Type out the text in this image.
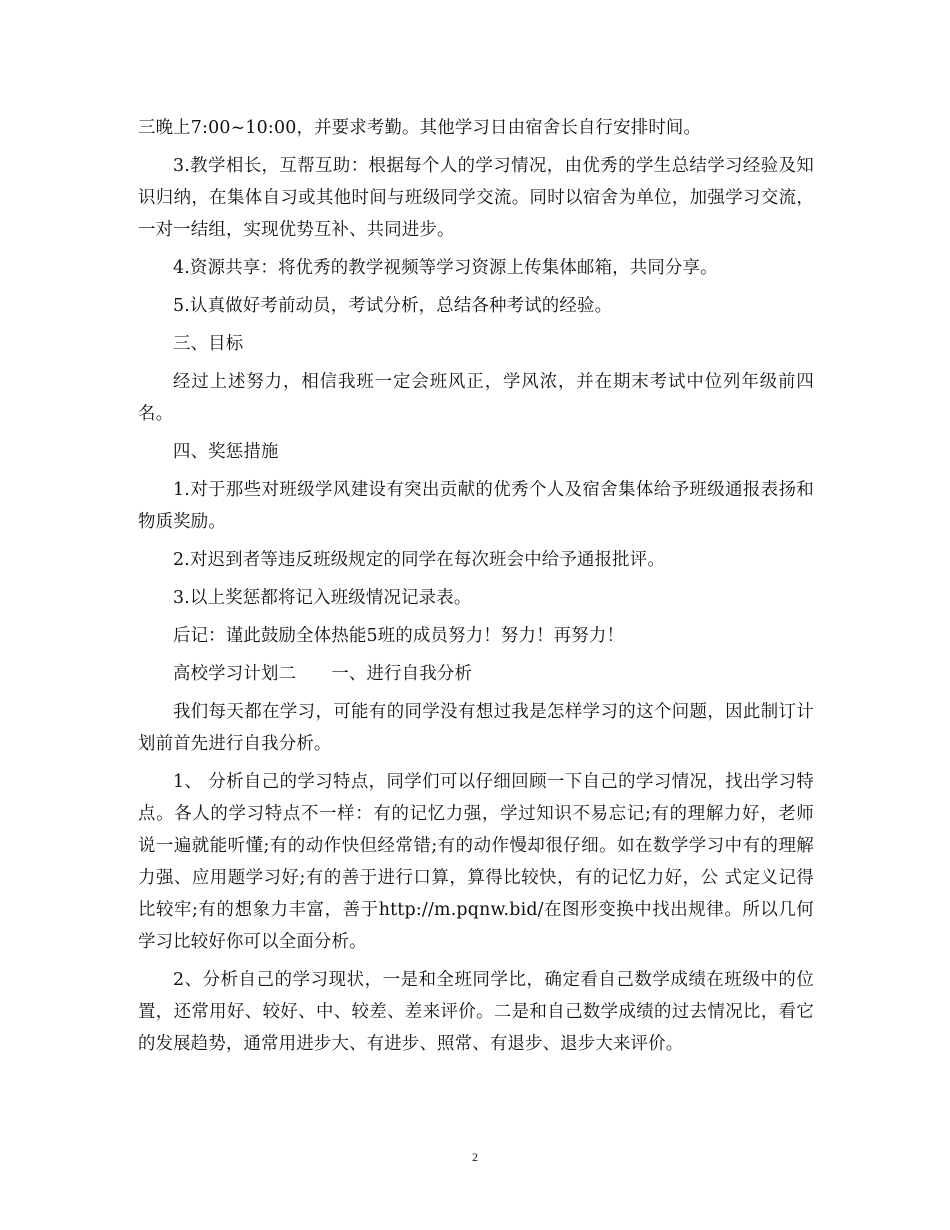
三晚上7:00~10:00，并要求考勤。其他学习日由宿舍长自行安排时间。

3.教学相长，互帮互助：根据每个人的学习情况，由优秀的学生总结学习经验及知识归纳，在集体自习或其他时间与班级同学交流。同时以宿舍为单位，加强学习交流，一对一结组，实现优势互补、共同进步。

4.资源共享：将优秀的教学视频等学习资源上传集体邮箱，共同分享。

5.认真做好考前动员，考试分析，总结各种考试的经验。

三、目标

经过上述努力，相信我班一定会班风正，学风浓，并在期末考试中位列年级前四名。

四、奖惩措施

1.对于那些对班级学风建设有突出贡献的优秀个人及宿舍集体给予班级通报表扬和物质奖励。

2.对迟到者等违反班级规定的同学在每次班会中给予通报批评。

3.以上奖惩都将记入班级情况记录表。

后记：谨此鼓励全体热能5班的成员努力！努力！再努力！

高校学习计划二　　一、进行自我分析

我们每天都在学习，可能有的同学没有想过我是怎样学习的这个问题，因此制订计划前首先进行自我分析。

1、 分析自己的学习特点，同学们可以仔细回顾一下自己的学习情况，找出学习特点。各人的学习特点不一样：有的记忆力强，学过知识不易忘记;有的理解力好，老师 说一遍就能听懂;有的动作快但经常错;有的动作慢却很仔细。如在数学学习中有的理解力强、应用题学习好;有的善于进行口算，算得比较快，有的记忆力好，公 式定义记得比较牢;有的想象力丰富，善于http://m.pqnw.bid/在图形变换中找出规律。所以几何学习比较好你可以全面分析。

2、分析自己的学习现状，一是和全班同学比，确定看自己数学成绩在班级中的位置，还常用好、较好、中、较差、差来评价。二是和自己数学成绩的过去情况比，看它的发展趋势，通常用进步大、有进步、照常、有退步、退步大来评价。

2
